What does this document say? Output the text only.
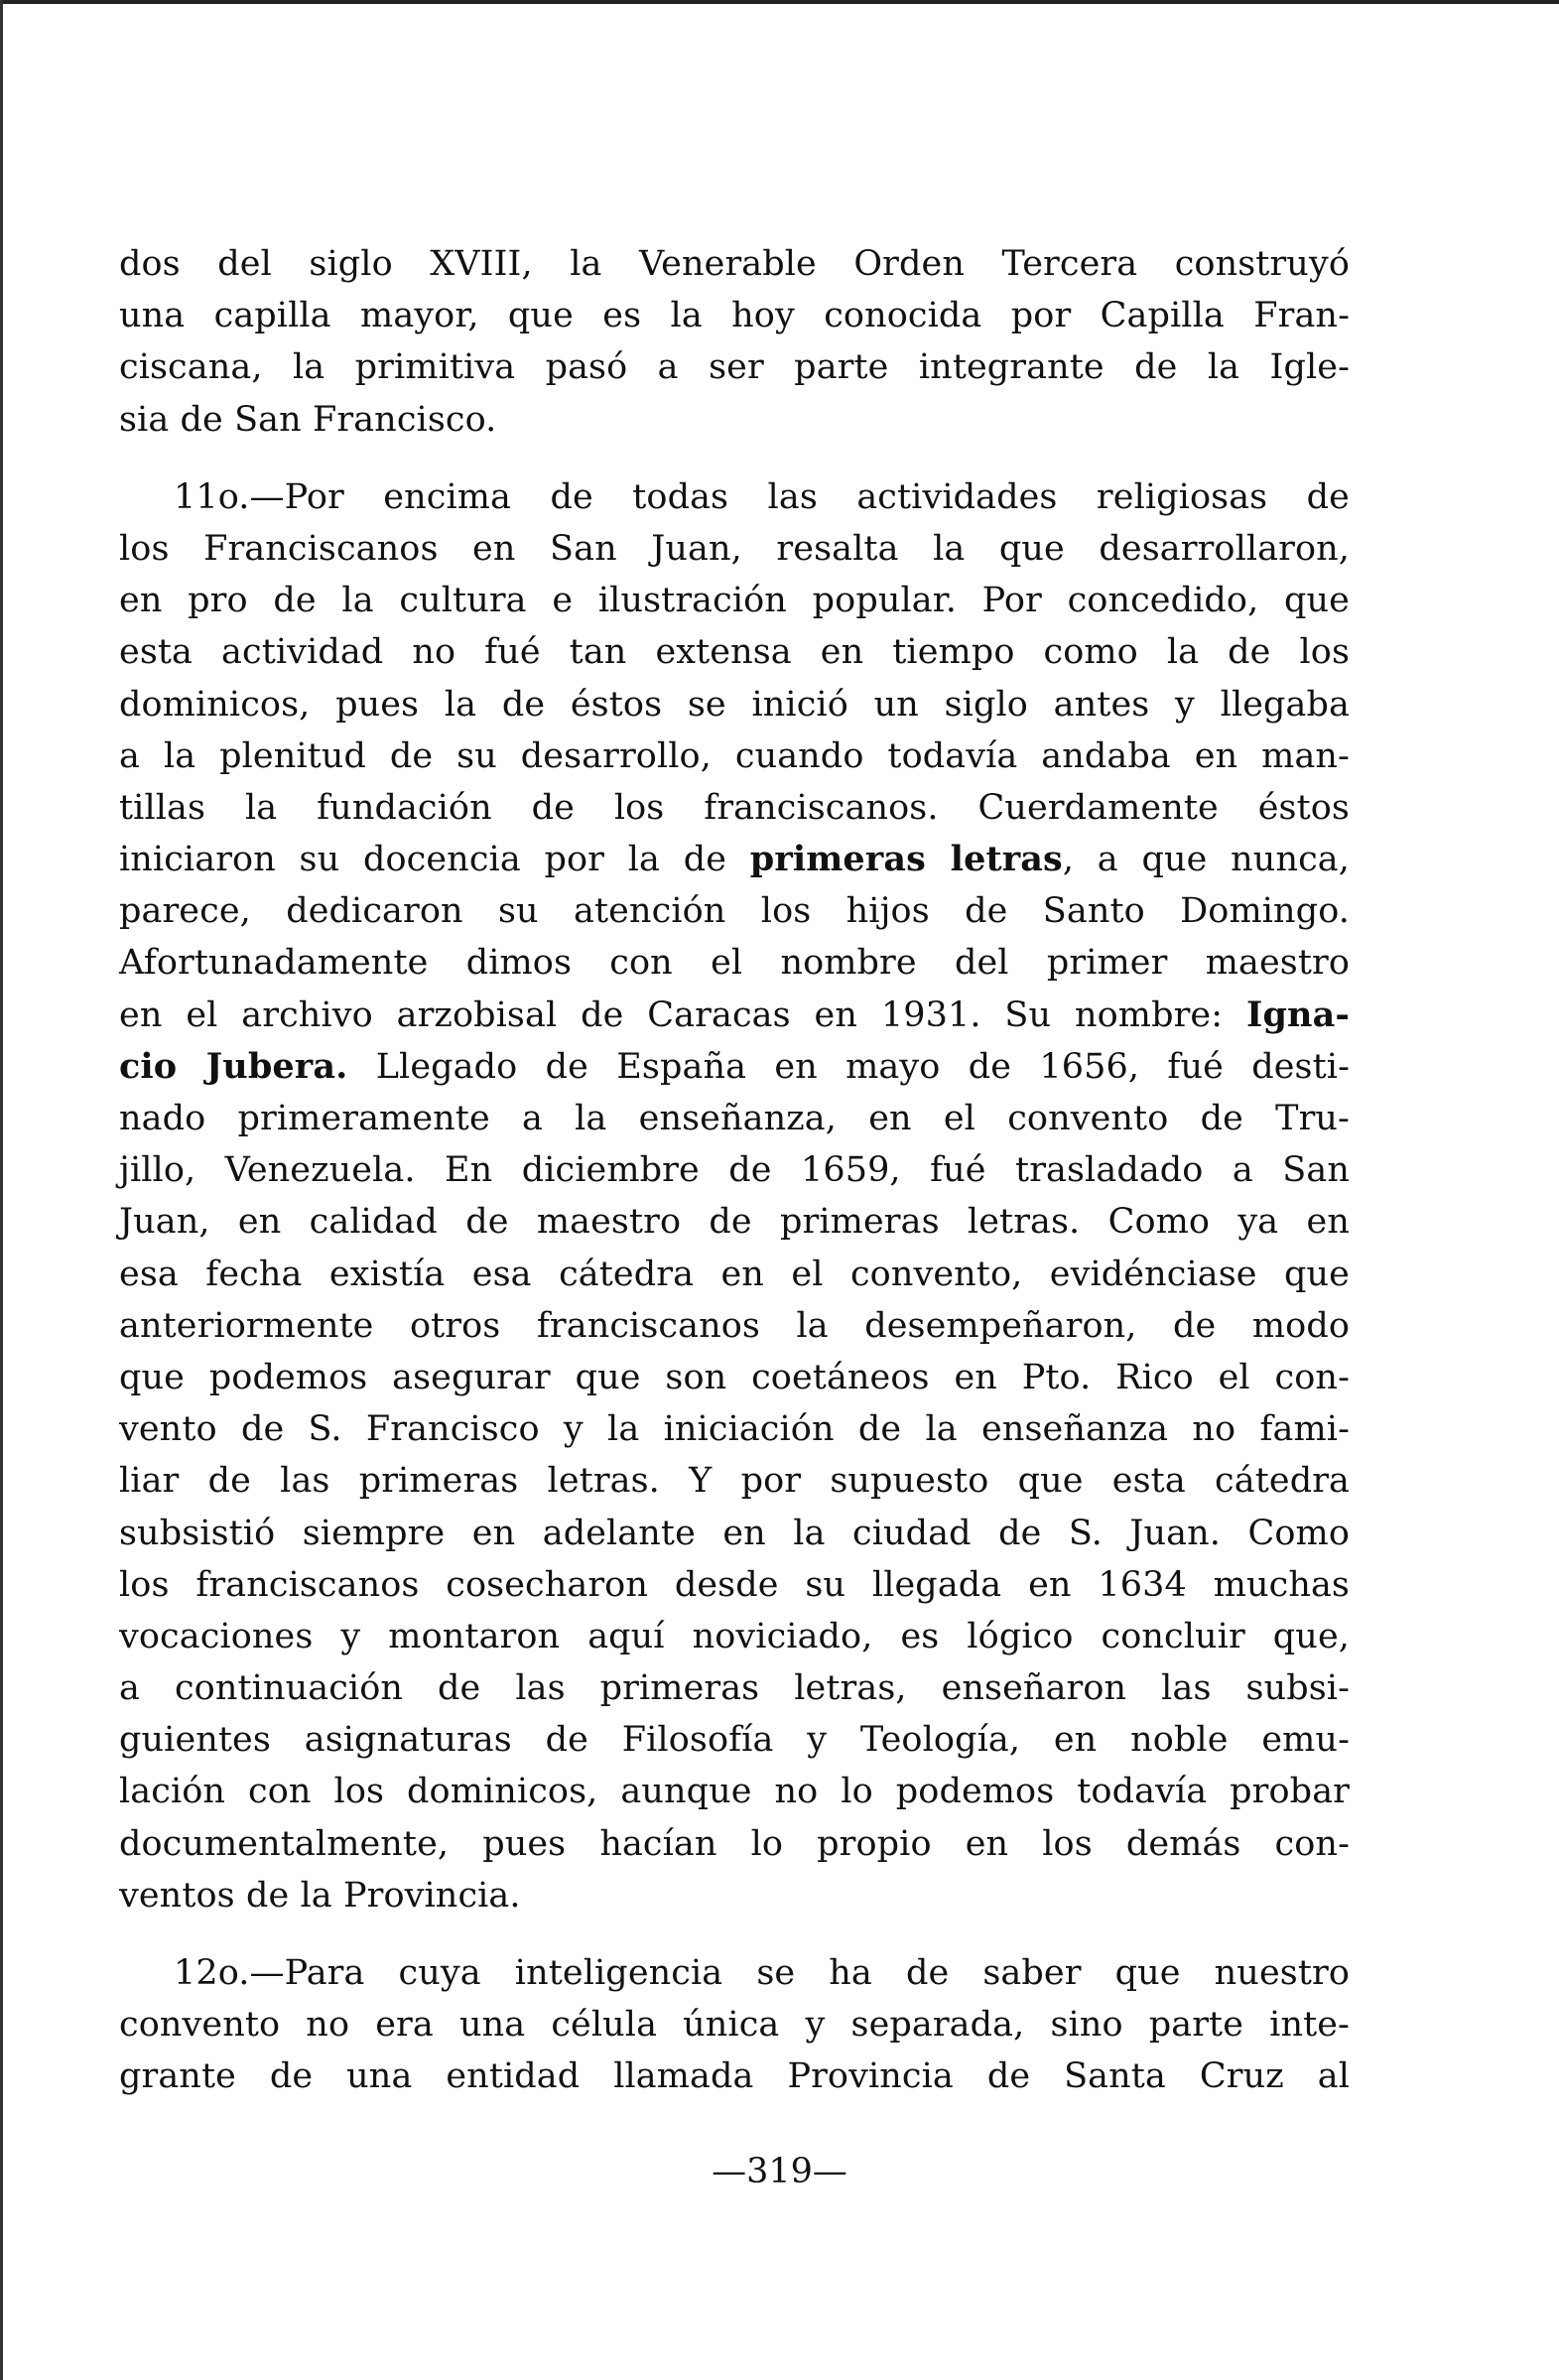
dos del siglo XVIII, la Venerable Orden Tercera construyó
una capilla mayor, que es la hoy conocida por Capilla Fran-
ciscana, la primitiva pasó a ser parte integrante de la Igle-
sia de San Francisco.
11o.—Por encima de todas las actividades religiosas de
los Franciscanos en San Juan, resalta la que desarrollaron,
en pro de la cultura e ilustración popular. Por concedido, que
esta actividad no fué tan extensa en tiempo como la de los
dominicos, pues la de éstos se inició un siglo antes y llegaba
a la plenitud de su desarrollo, cuando todavía andaba en man-
tillas la fundación de los franciscanos. Cuerdamente éstos
iniciaron su docencia por la de primeras letras, a que nunca,
parece, dedicaron su atención los hijos de Santo Domingo.
Afortunadamente dimos con el nombre del primer maestro
en el archivo arzobisal de Caracas en 1931. Su nombre: Igna-
cio Jubera. Llegado de España en mayo de 1656, fué desti-
nado primeramente a la enseñanza, en el convento de Tru-
jillo, Venezuela. En diciembre de 1659, fué trasladado a San
Juan, en calidad de maestro de primeras letras. Como ya en
esa fecha existía esa cátedra en el convento, evidénciase que
anteriormente otros franciscanos la desempeñaron, de modo
que podemos asegurar que son coetáneos en Pto. Rico el con-
vento de S. Francisco y la iniciación de la enseñanza no fami-
liar de las primeras letras. Y por supuesto que esta cátedra
subsistió siempre en adelante en la ciudad de S. Juan. Como
los franciscanos cosecharon desde su llegada en 1634 muchas
vocaciones y montaron aquí noviciado, es lógico concluir que,
a continuación de las primeras letras, enseñaron las subsi-
guientes asignaturas de Filosofía y Teología, en noble emu-
lación con los dominicos, aunque no lo podemos todavía probar
documentalmente, pues hacían lo propio en los demás con-
ventos de la Provincia.
12o.—Para cuya inteligencia se ha de saber que nuestro
convento no era una célula única y separada, sino parte inte-
grante de una entidad llamada Provincia de Santa Cruz al
—319—
